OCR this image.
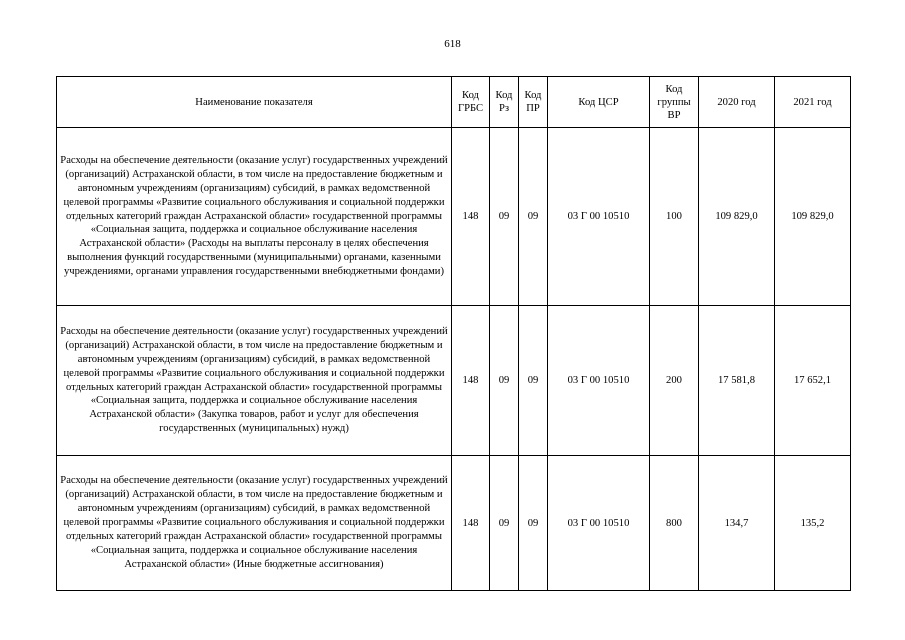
618
Наименование показателя	Код ГРБС	Код Рз	Код ПР	Код ЦСР	Код группы ВР	2020 год	2021 год
Расходы на обеспечение деятельности (оказание услуг) государственных учреждений (организаций) Астраханской области, в том числе на предоставление бюджетным и автономным учреждениям (организациям) субсидий, в рамках ведомственной целевой программы «Развитие социального обслуживания и социальной поддержки отдельных категорий граждан Астраханской области» государственной программы «Социальная защита, поддержка и социальное обслуживание населения Астраханской области» (Расходы на выплаты персоналу в целях обеспечения выполнения функций государственными (муниципальными) органами, казенными учреждениями, органами управления государственными внебюджетными фондами)	148	09	09	03 Г 00 10510	100	109 829,0	109 829,0
Расходы на обеспечение деятельности (оказание услуг) государственных учреждений (организаций) Астраханской области, в том числе на предоставление бюджетным и автономным учреждениям (организациям) субсидий, в рамках ведомственной целевой программы «Развитие социального обслуживания и социальной поддержки отдельных категорий граждан Астраханской области» государственной программы «Социальная защита, поддержка и социальное обслуживание населения Астраханской области» (Закупка товаров, работ и услуг для обеспечения государственных (муниципальных) нужд)	148	09	09	03 Г 00 10510	200	17 581,8	17 652,1
Расходы на обеспечение деятельности (оказание услуг) государственных учреждений (организаций) Астраханской области, в том числе на предоставление бюджетным и автономным учреждениям (организациям) субсидий, в рамках ведомственной целевой программы «Развитие социального обслуживания и социальной поддержки отдельных категорий граждан Астраханской области» государственной программы «Социальная защита, поддержка и социальное обслуживание населения Астраханской области» (Иные бюджетные ассигнования)	148	09	09	03 Г 00 10510	800	134,7	135,2
